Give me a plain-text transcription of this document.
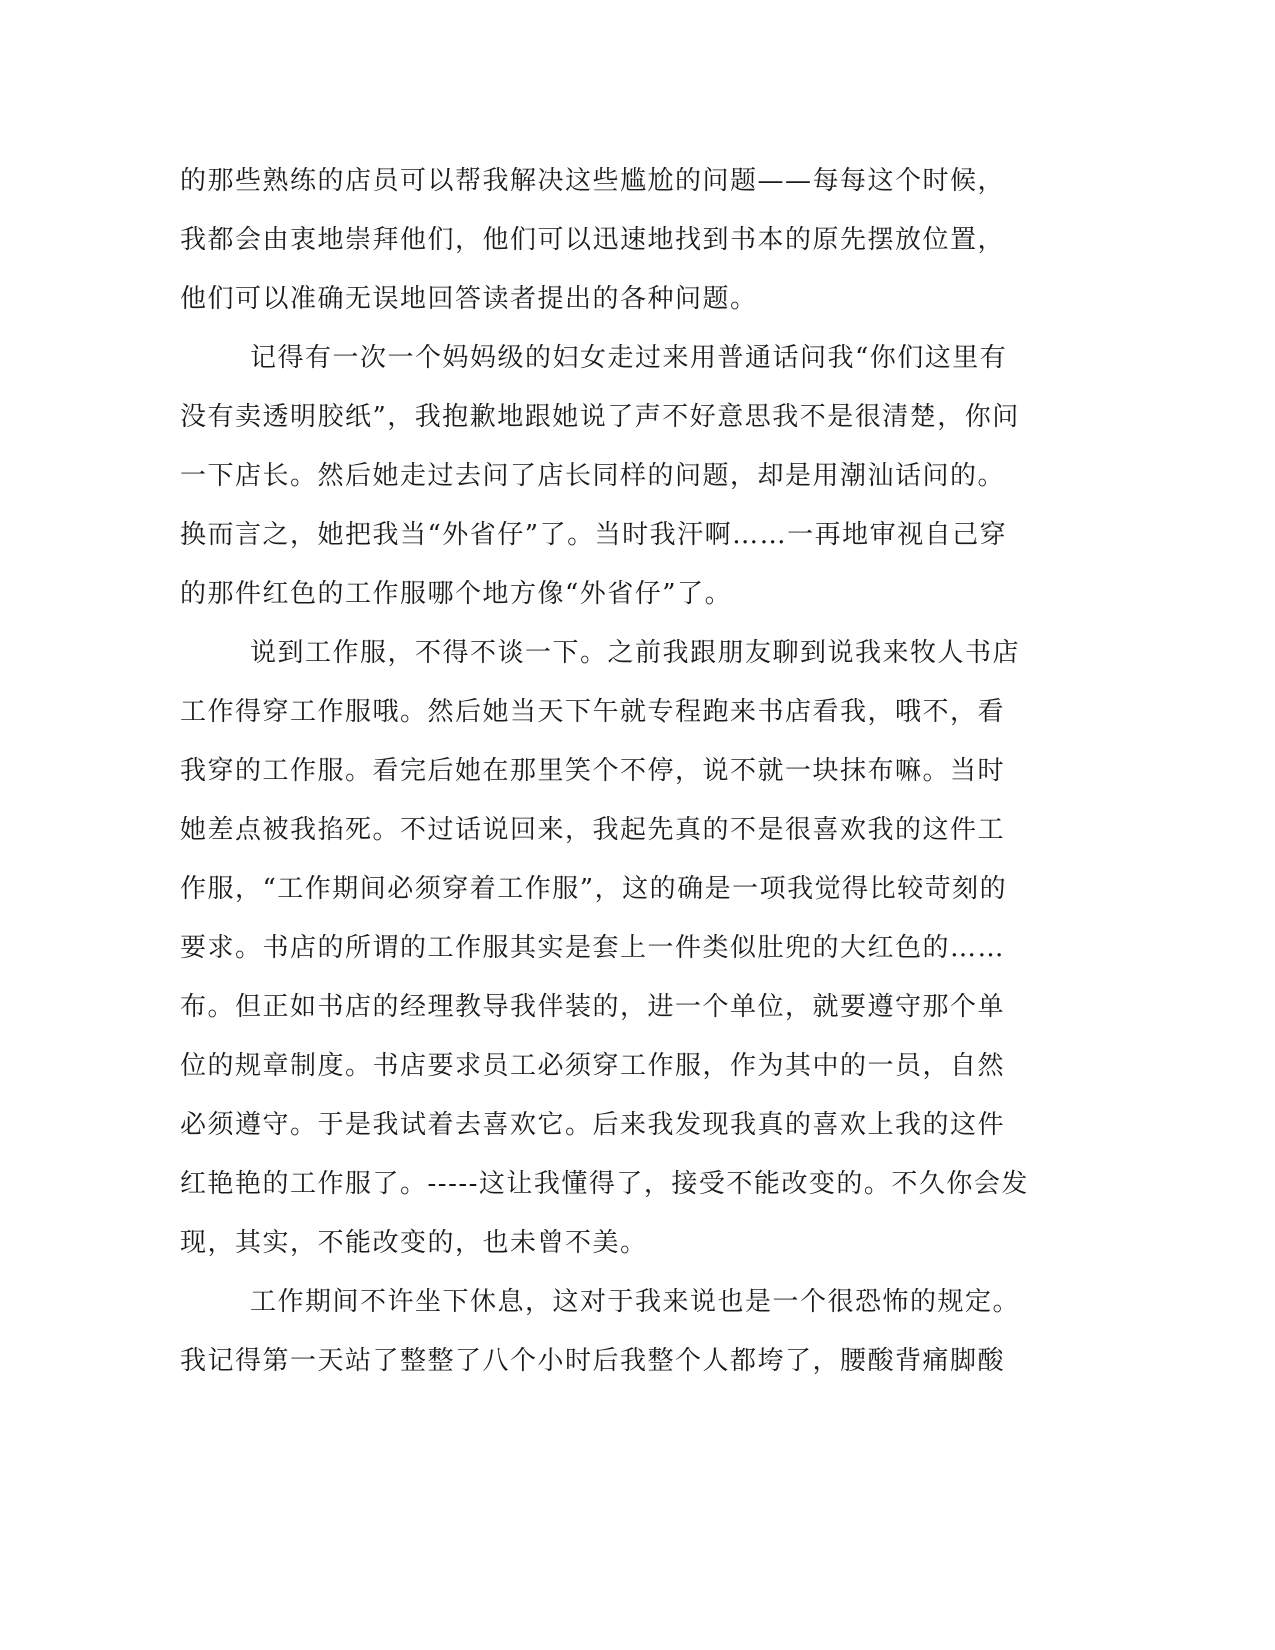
的那些熟练的店员可以帮我解决这些尴尬的问题——每每这个时候，
我都会由衷地崇拜他们，他们可以迅速地找到书本的原先摆放位置，
他们可以准确无误地回答读者提出的各种问题。
记得有一次一个妈妈级的妇女走过来用普通话问我“你们这里有
没有卖透明胶纸”，我抱歉地跟她说了声不好意思我不是很清楚，你问
一下店长。然后她走过去问了店长同样的问题，却是用潮汕话问的。
换而言之，她把我当“外省仔”了。当时我汗啊……一再地审视自己穿
的那件红色的工作服哪个地方像“外省仔”了。
说到工作服，不得不谈一下。之前我跟朋友聊到说我来牧人书店
工作得穿工作服哦。然后她当天下午就专程跑来书店看我，哦不，看
我穿的工作服。看完后她在那里笑个不停，说不就一块抹布嘛。当时
她差点被我掐死。不过话说回来，我起先真的不是很喜欢我的这件工
作服，“工作期间必须穿着工作服”，这的确是一项我觉得比较苛刻的
要求。书店的所谓的工作服其实是套上一件类似肚兜的大红色的……
布。但正如书店的经理教导我伴装的，进一个单位，就要遵守那个单
位的规章制度。书店要求员工必须穿工作服，作为其中的一员，自然
必须遵守。于是我试着去喜欢它。后来我发现我真的喜欢上我的这件
红艳艳的工作服了。-----这让我懂得了，接受不能改变的。不久你会发
现，其实，不能改变的，也未曾不美。
工作期间不许坐下休息，这对于我来说也是一个很恐怖的规定。
我记得第一天站了整整了八个小时后我整个人都垮了，腰酸背痛脚酸
